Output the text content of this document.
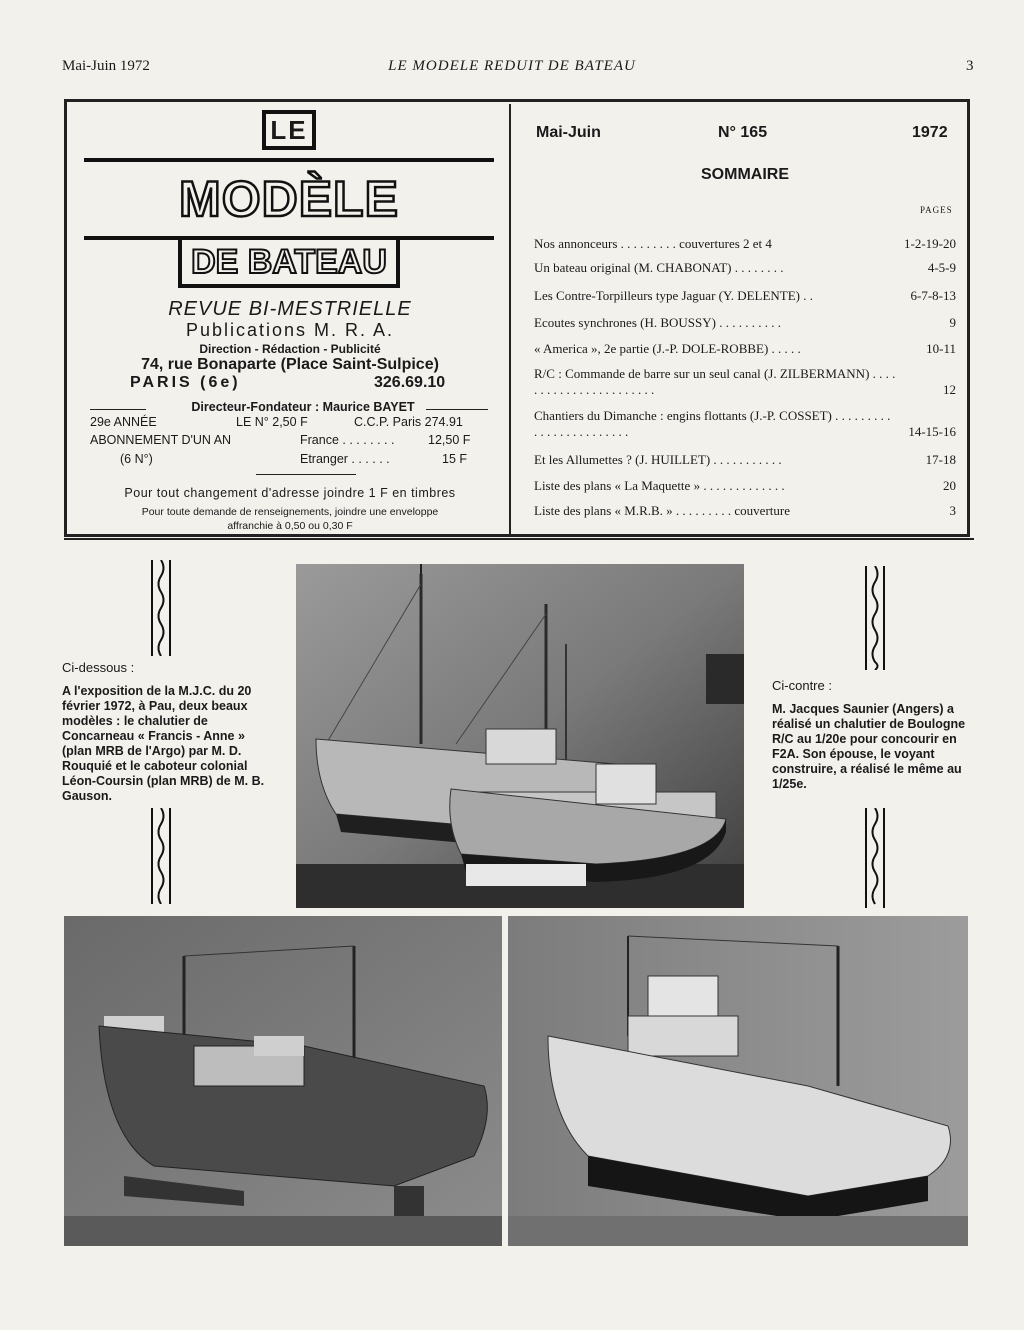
Mai-Juin 1972	LE MODELE REDUIT DE BATEAU	3
LE
MODÈLE
DE BATEAU
REVUE BI-MESTRIELLE
Publications M. R. A.
Direction - Rédaction - Publicité
74, rue Bonaparte (Place Saint-Sulpice)
PARIS (6e)	326.69.10
Directeur-Fondateur : Maurice BAYET
29e ANNÉE	LE N° 2,50 F	C.C.P. Paris 274.91
ABONNEMENT D'UN AN	France . . . . . . . .	12,50 F
(6 N°)	Etranger . . . . . .	15 F
Pour tout changement d'adresse joindre 1 F en timbres
Pour toute demande de renseignements, joindre une enveloppe
affranchie à 0,50 ou 0,30 F
Mai-Juin	N° 165	1972
SOMMAIRE
PAGES
Nos annonceurs . . . . . . . . . couvertures 2 et 4	1-2-19-20
Un bateau original (M. CHABONAT) . . . . . . . .	4-5-9
Les Contre-Torpilleurs type Jaguar (Y. DELENTE) . .	6-7-8-13
Ecoutes synchrones (H. BOUSSY) . . . . . . . . . .	9
« America », 2e partie (J.-P. DOLE-ROBBE) . . . . .	10-11
R/C : Commande de barre sur un seul canal (J. ZILBERMANN) . . . . . . . . . . . . . . . . . . . . . . .	12
Chantiers du Dimanche : engins flottants (J.-P. COSSET) . . . . . . . . . . . . . . . . . . . . . . . .	14-15-16
Et les Allumettes ? (J. HUILLET) . . . . . . . . . . .	17-18
Liste des plans « La Maquette » . . . . . . . . . . . . .	20
Liste des plans « M.R.B. » . . . . . . . . . couverture	3
Ci-dessous :
A l'exposition de la M.J.C. du 20 février 1972, à Pau, deux beaux modèles : le chalutier de Concarneau « Francis - Anne » (plan MRB de l'Argo) par M. D. Rouquié et le caboteur colonial Léon-Coursin (plan MRB) de M. B. Gauson.
Ci-contre :
M. Jacques Saunier (Angers) a réalisé un chalutier de Boulogne R/C au 1/20e pour concourir en F2A. Son épouse, le voyant construire, a réalisé le même au 1/25e.
